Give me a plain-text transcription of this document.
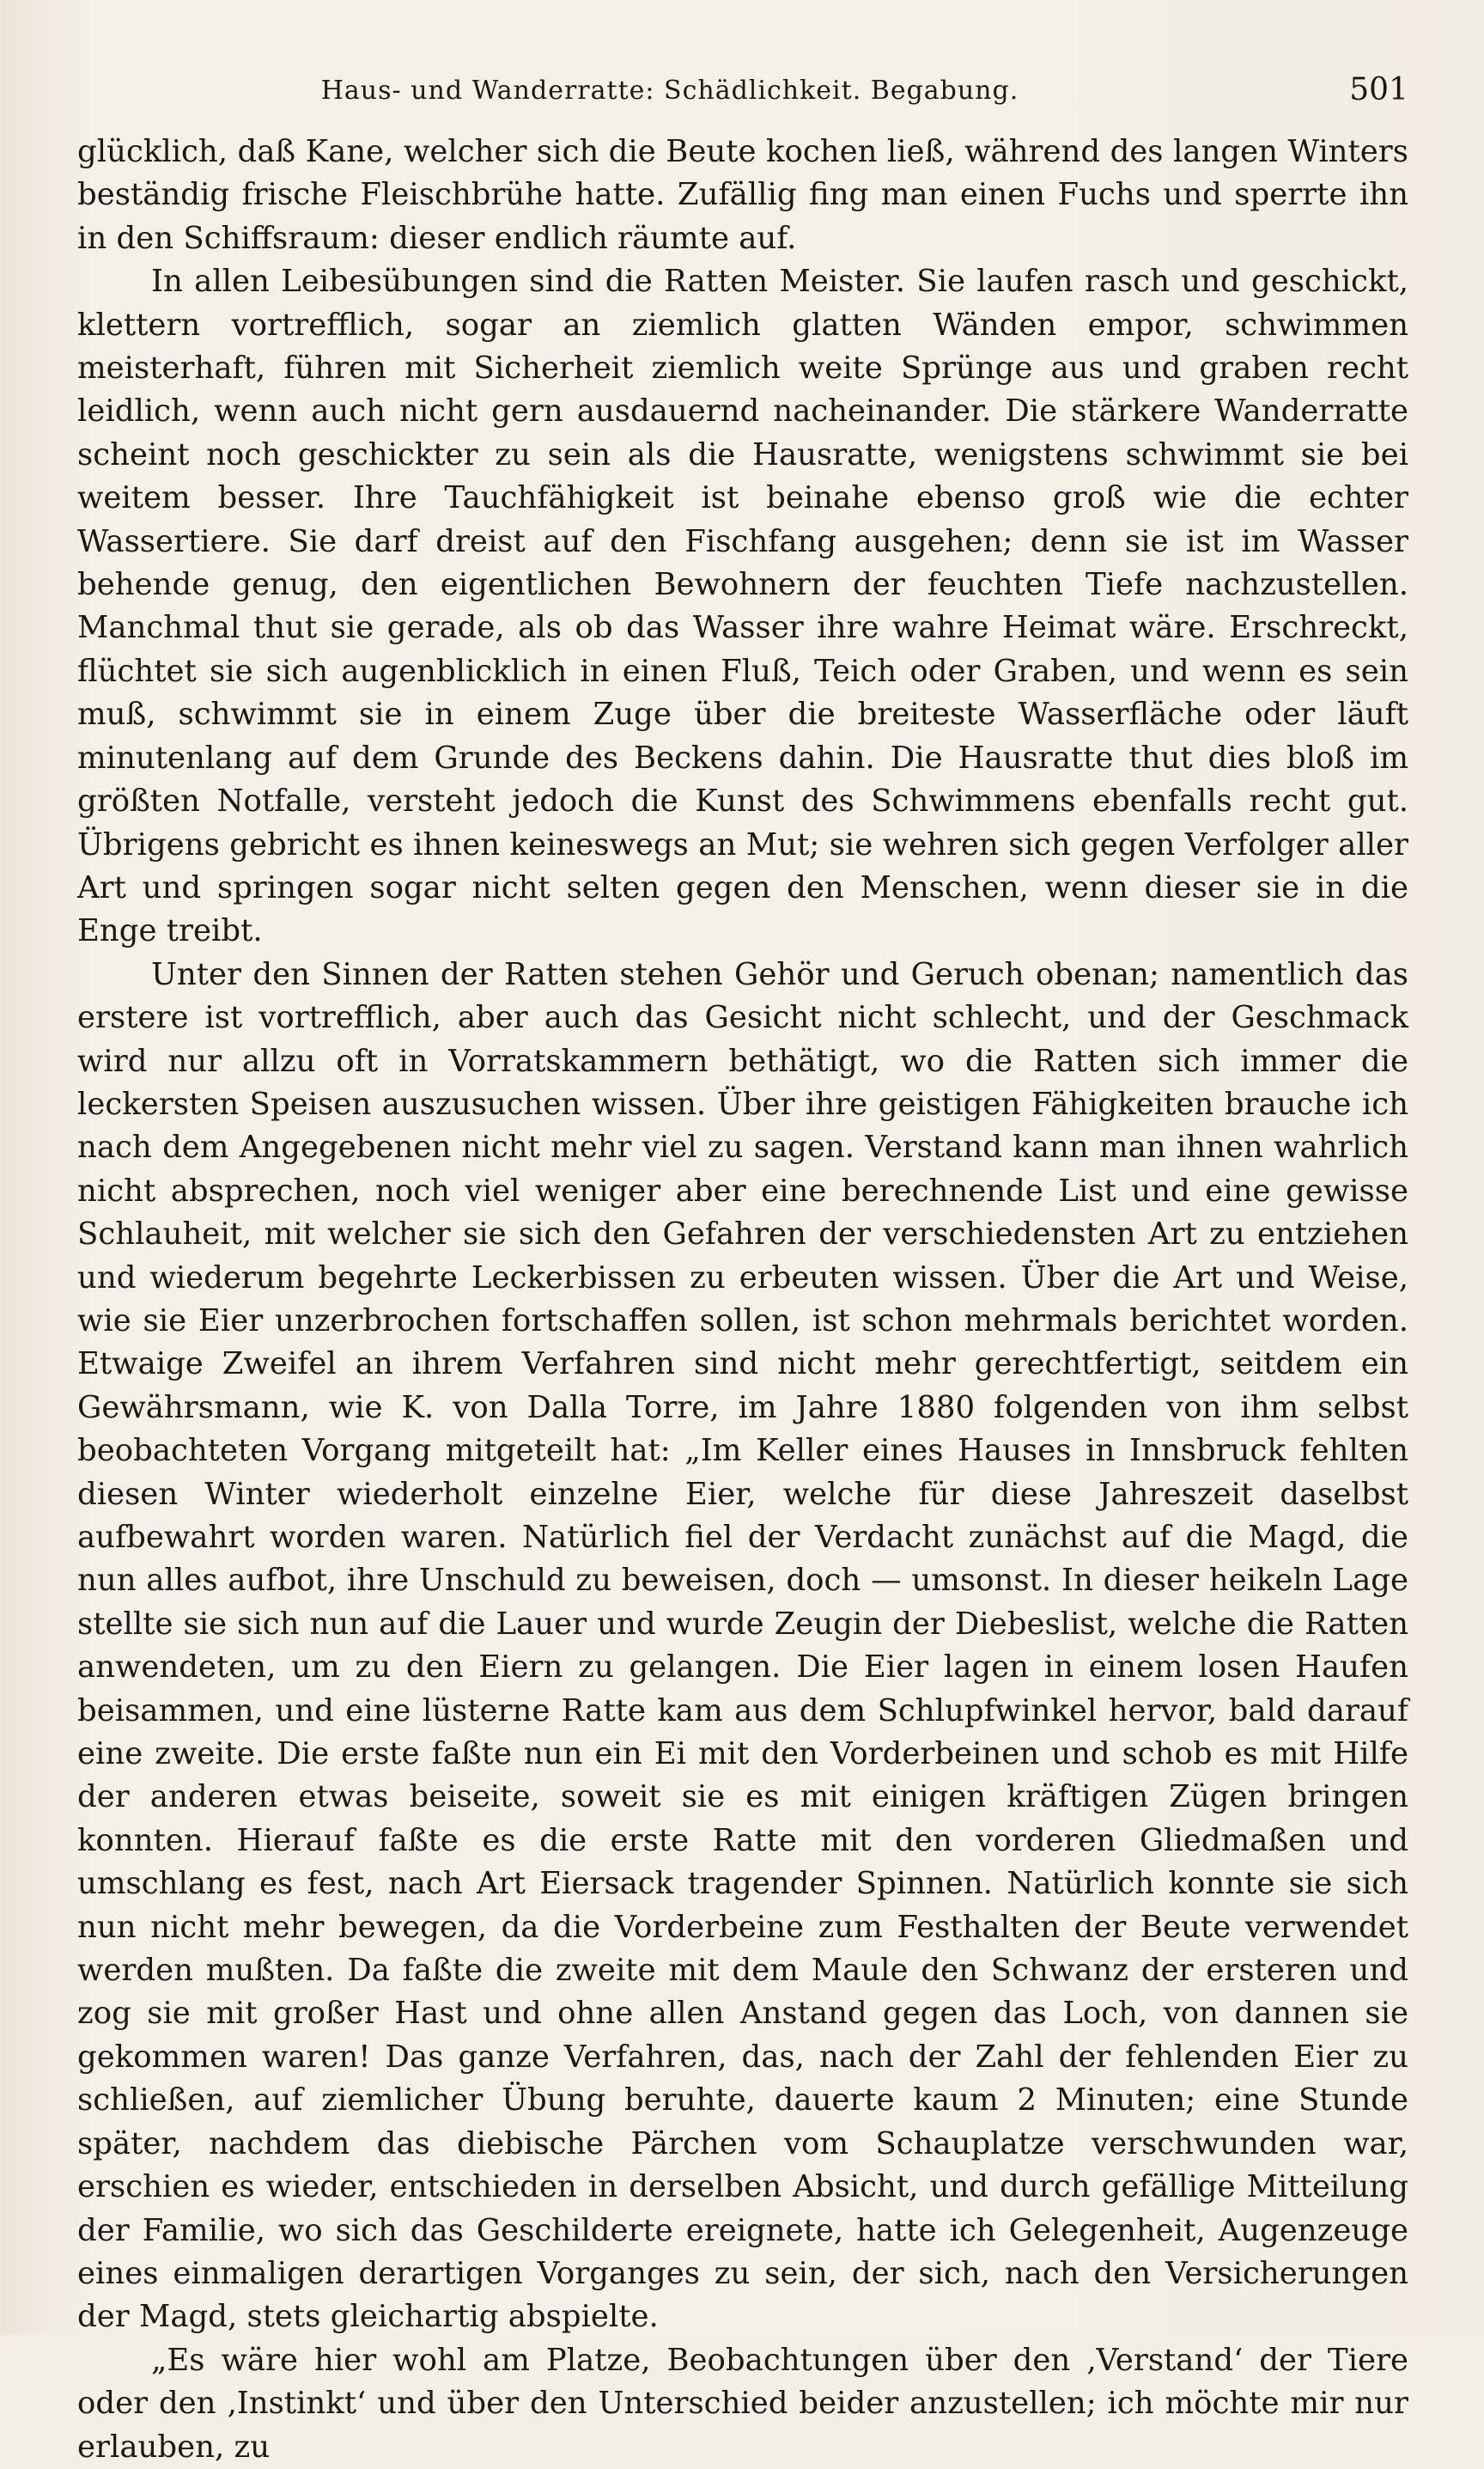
Haus- und Wanderratte: Schädlichkeit. Begabung.	501

glücklich, daß Kane, welcher sich die Beute kochen ließ, während des langen Winters beständig frische Fleischbrühe hatte. Zufällig fing man einen Fuchs und sperrte ihn in den Schiffsraum: dieser endlich räumte auf.

In allen Leibesübungen sind die Ratten Meister. Sie laufen rasch und geschickt, klettern vortrefflich, sogar an ziemlich glatten Wänden empor, schwimmen meisterhaft, führen mit Sicherheit ziemlich weite Sprünge aus und graben recht leidlich, wenn auch nicht gern ausdauernd nacheinander. Die stärkere Wanderratte scheint noch geschickter zu sein als die Hausratte, wenigstens schwimmt sie bei weitem besser. Ihre Tauchfähigkeit ist beinahe ebenso groß wie die echter Wassertiere. Sie darf dreist auf den Fischfang ausgehen; denn sie ist im Wasser behende genug, den eigentlichen Bewohnern der feuchten Tiefe nachzustellen. Manchmal thut sie gerade, als ob das Wasser ihre wahre Heimat wäre. Erschreckt, flüchtet sie sich augenblicklich in einen Fluß, Teich oder Graben, und wenn es sein muß, schwimmt sie in einem Zuge über die breiteste Wasserfläche oder läuft minutenlang auf dem Grunde des Beckens dahin. Die Hausratte thut dies bloß im größten Notfalle, versteht jedoch die Kunst des Schwimmens ebenfalls recht gut. Übrigens gebricht es ihnen keineswegs an Mut; sie wehren sich gegen Verfolger aller Art und springen sogar nicht selten gegen den Menschen, wenn dieser sie in die Enge treibt.

Unter den Sinnen der Ratten stehen Gehör und Geruch obenan; namentlich das erstere ist vortrefflich, aber auch das Gesicht nicht schlecht, und der Geschmack wird nur allzu oft in Vorratskammern bethätigt, wo die Ratten sich immer die leckersten Speisen auszusuchen wissen. Über ihre geistigen Fähigkeiten brauche ich nach dem Angegebenen nicht mehr viel zu sagen. Verstand kann man ihnen wahrlich nicht absprechen, noch viel weniger aber eine berechnende List und eine gewisse Schlauheit, mit welcher sie sich den Gefahren der verschiedensten Art zu entziehen und wiederum begehrte Leckerbissen zu erbeuten wissen. Über die Art und Weise, wie sie Eier unzerbrochen fortschaffen sollen, ist schon mehrmals berichtet worden. Etwaige Zweifel an ihrem Verfahren sind nicht mehr gerechtfertigt, seitdem ein Gewährsmann, wie K. von Dalla Torre, im Jahre 1880 folgenden von ihm selbst beobachteten Vorgang mitgeteilt hat: „Im Keller eines Hauses in Innsbruck fehlten diesen Winter wiederholt einzelne Eier, welche für diese Jahreszeit daselbst aufbewahrt worden waren. Natürlich fiel der Verdacht zunächst auf die Magd, die nun alles aufbot, ihre Unschuld zu beweisen, doch — umsonst. In dieser heikeln Lage stellte sie sich nun auf die Lauer und wurde Zeugin der Diebeslist, welche die Ratten anwendeten, um zu den Eiern zu gelangen. Die Eier lagen in einem losen Haufen beisammen, und eine lüsterne Ratte kam aus dem Schlupfwinkel hervor, bald darauf eine zweite. Die erste faßte nun ein Ei mit den Vorderbeinen und schob es mit Hilfe der anderen etwas beiseite, soweit sie es mit einigen kräftigen Zügen bringen konnten. Hierauf faßte es die erste Ratte mit den vorderen Gliedmaßen und umschlang es fest, nach Art Eiersack tragender Spinnen. Natürlich konnte sie sich nun nicht mehr bewegen, da die Vorderbeine zum Festhalten der Beute verwendet werden mußten. Da faßte die zweite mit dem Maule den Schwanz der ersteren und zog sie mit großer Hast und ohne allen Anstand gegen das Loch, von dannen sie gekommen waren! Das ganze Verfahren, das, nach der Zahl der fehlenden Eier zu schließen, auf ziemlicher Übung beruhte, dauerte kaum 2 Minuten; eine Stunde später, nachdem das diebische Pärchen vom Schauplatze verschwunden war, erschien es wieder, entschieden in derselben Absicht, und durch gefällige Mitteilung der Familie, wo sich das Geschilderte ereignete, hatte ich Gelegenheit, Augenzeuge eines einmaligen derartigen Vorganges zu sein, der sich, nach den Versicherungen der Magd, stets gleichartig abspielte.

„Es wäre hier wohl am Platze, Beobachtungen über den ‚Verstand‘ der Tiere oder den ‚Instinkt‘ und über den Unterschied beider anzustellen; ich möchte mir nur erlauben, zu
